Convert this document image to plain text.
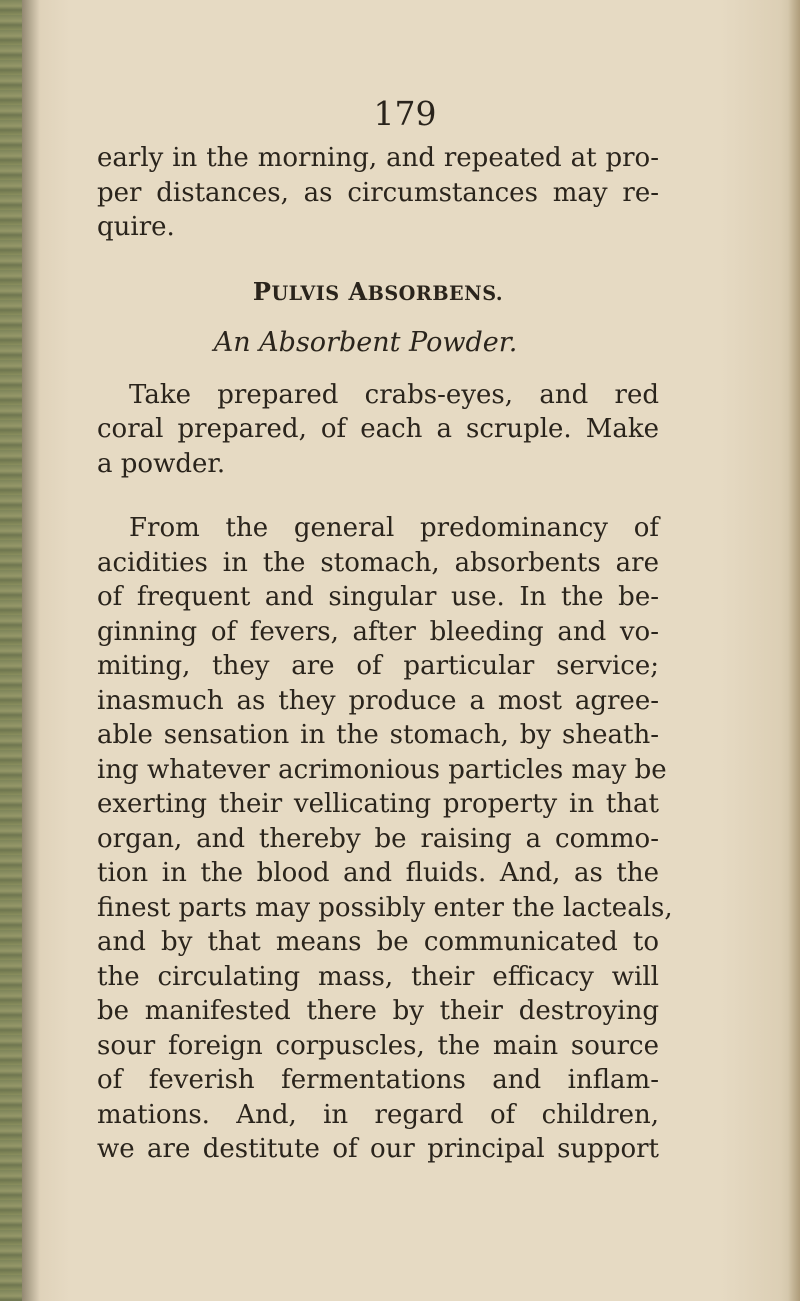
179
early in the morning, and repeated at pro-
per distances, as circumstances may re-
quire.
PULVIS ABSORBENS.
An Absorbent Powder.
Take prepared crabs-eyes, and red
coral prepared, of each a scruple. Make
a powder.
From the general predominancy of
acidities in the stomach, absorbents are
of frequent and singular use. In the be-
ginning of fevers, after bleeding and vo-
miting, they are of particular service;
inasmuch as they produce a most agree-
able sensation in the stomach, by sheath-
ing whatever acrimonious particles may be
exerting their vellicating property in that
organ, and thereby be raising a commo-
tion in the blood and fluids. And, as the
finest parts may possibly enter the lacteals,
and by that means be communicated to
the circulating mass, their efficacy will
be manifested there by their destroying
sour foreign corpuscles, the main source
of feverish fermentations and inflam-
mations. And, in regard of children,
we are destitute of our principal support
